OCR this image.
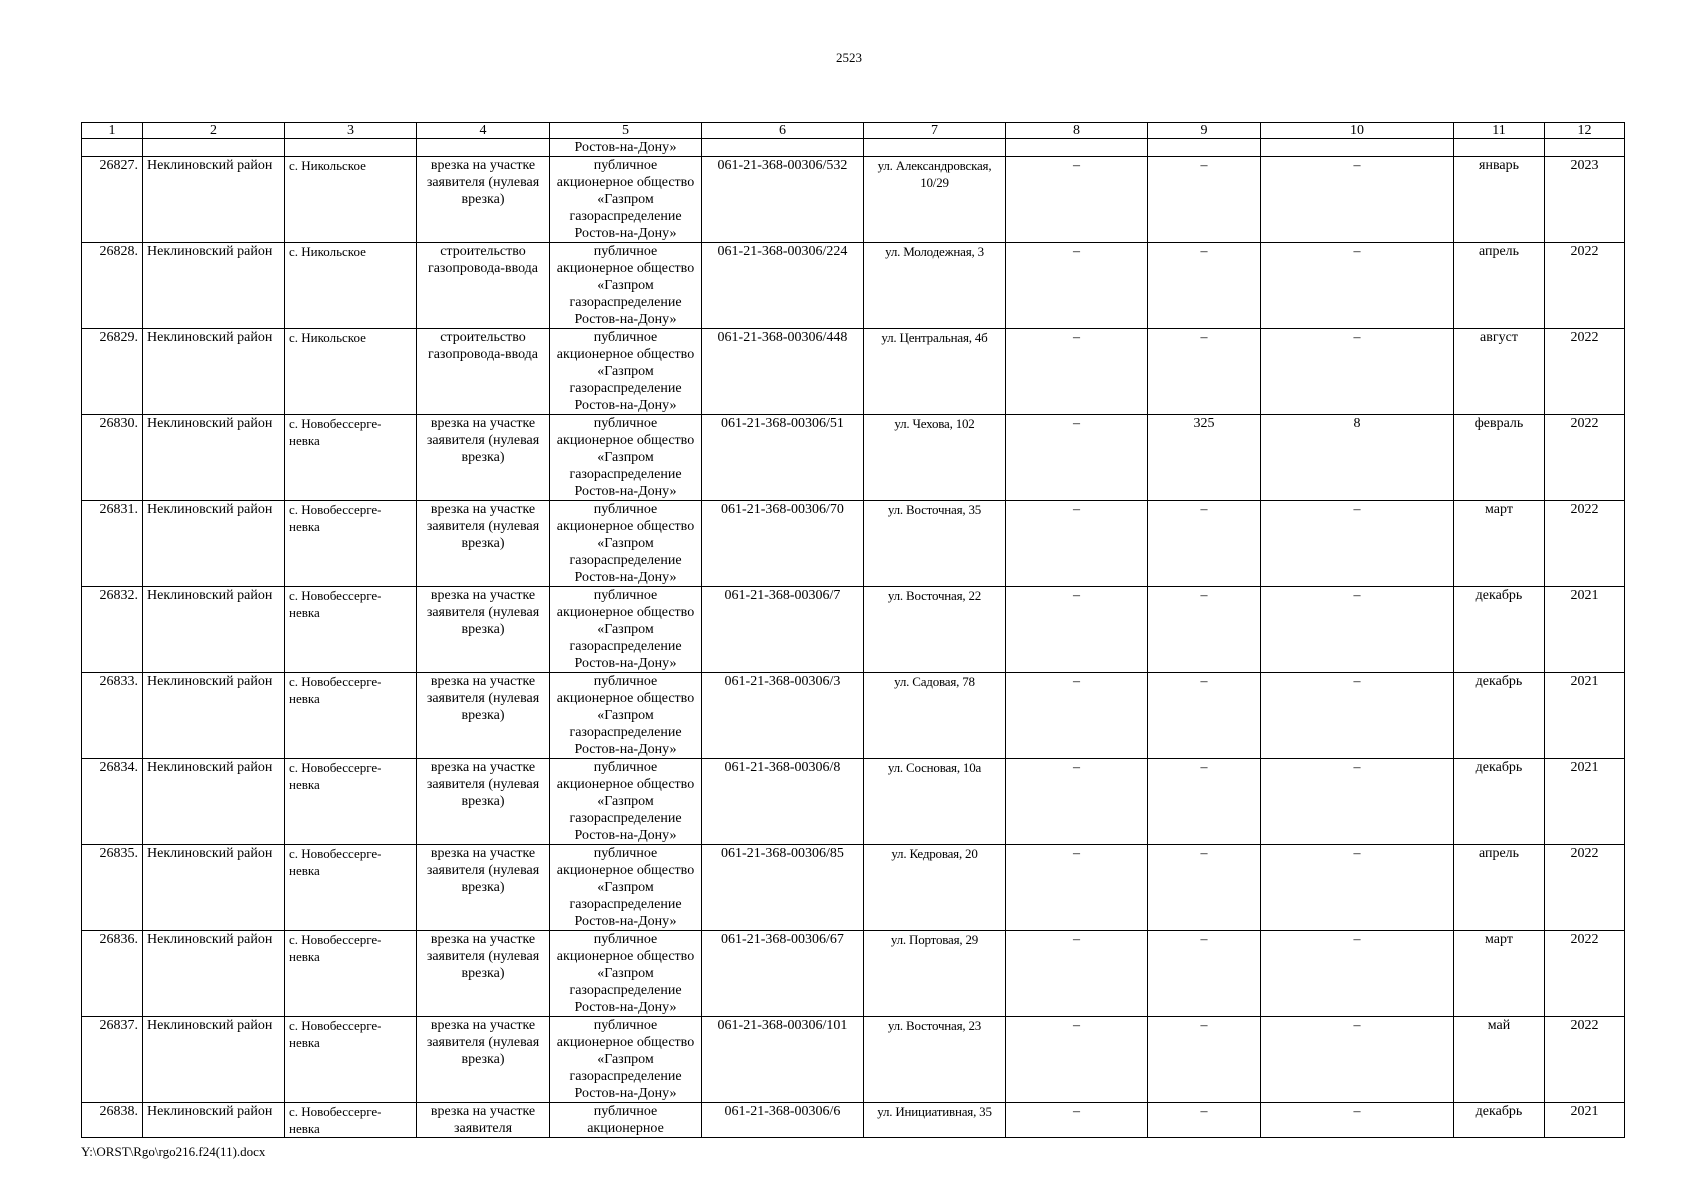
2523
1	2	3	4	5	6	7	8	9	10	11	12
				Ростов-на-Дону»							
26827.	Неклиновский район	с. Никольское	врезка на участке заявителя (нулевая врезка)	публичное акционерное общество «Газпром газораспределение Ростов-на-Дону»	061-21-368-00306/532	ул. Александровская, 10/29	–	–	–	январь	2023
26828.	Неклиновский район	с. Никольское	строительство газопровода-ввода	публичное акционерное общество «Газпром газораспределение Ростов-на-Дону»	061-21-368-00306/224	ул. Молодежная, 3	–	–	–	апрель	2022
26829.	Неклиновский район	с. Никольское	строительство газопровода-ввода	публичное акционерное общество «Газпром газораспределение Ростов-на-Дону»	061-21-368-00306/448	ул. Центральная, 4б	–	–	–	август	2022
26830.	Неклиновский район	с. Новобессерге-невка	врезка на участке заявителя (нулевая врезка)	публичное акционерное общество «Газпром газораспределение Ростов-на-Дону»	061-21-368-00306/51	ул. Чехова, 102	–	325	8	февраль	2022
26831.	Неклиновский район	с. Новобессерге-невка	врезка на участке заявителя (нулевая врезка)	публичное акционерное общество «Газпром газораспределение Ростов-на-Дону»	061-21-368-00306/70	ул. Восточная, 35	–	–	–	март	2022
26832.	Неклиновский район	с. Новобессерге-невка	врезка на участке заявителя (нулевая врезка)	публичное акционерное общество «Газпром газораспределение Ростов-на-Дону»	061-21-368-00306/7	ул. Восточная, 22	–	–	–	декабрь	2021
26833.	Неклиновский район	с. Новобессерге-невка	врезка на участке заявителя (нулевая врезка)	публичное акционерное общество «Газпром газораспределение Ростов-на-Дону»	061-21-368-00306/3	ул. Садовая, 78	–	–	–	декабрь	2021
26834.	Неклиновский район	с. Новобессерге-невка	врезка на участке заявителя (нулевая врезка)	публичное акционерное общество «Газпром газораспределение Ростов-на-Дону»	061-21-368-00306/8	ул. Сосновая, 10а	–	–	–	декабрь	2021
26835.	Неклиновский район	с. Новобессерге-невка	врезка на участке заявителя (нулевая врезка)	публичное акционерное общество «Газпром газораспределение Ростов-на-Дону»	061-21-368-00306/85	ул. Кедровая, 20	–	–	–	апрель	2022
26836.	Неклиновский район	с. Новобессерге-невка	врезка на участке заявителя (нулевая врезка)	публичное акционерное общество «Газпром газораспределение Ростов-на-Дону»	061-21-368-00306/67	ул. Портовая, 29	–	–	–	март	2022
26837.	Неклиновский район	с. Новобессерге-невка	врезка на участке заявителя (нулевая врезка)	публичное акционерное общество «Газпром газораспределение Ростов-на-Дону»	061-21-368-00306/101	ул. Восточная, 23	–	–	–	май	2022
26838.	Неклиновский район	с. Новобессерге-невка	врезка на участке заявителя	публичное акционерное	061-21-368-00306/6	ул. Инициативная, 35	–	–	–	декабрь	2021
Y:\ORST\Rgo\rgo216.f24(11).docx
